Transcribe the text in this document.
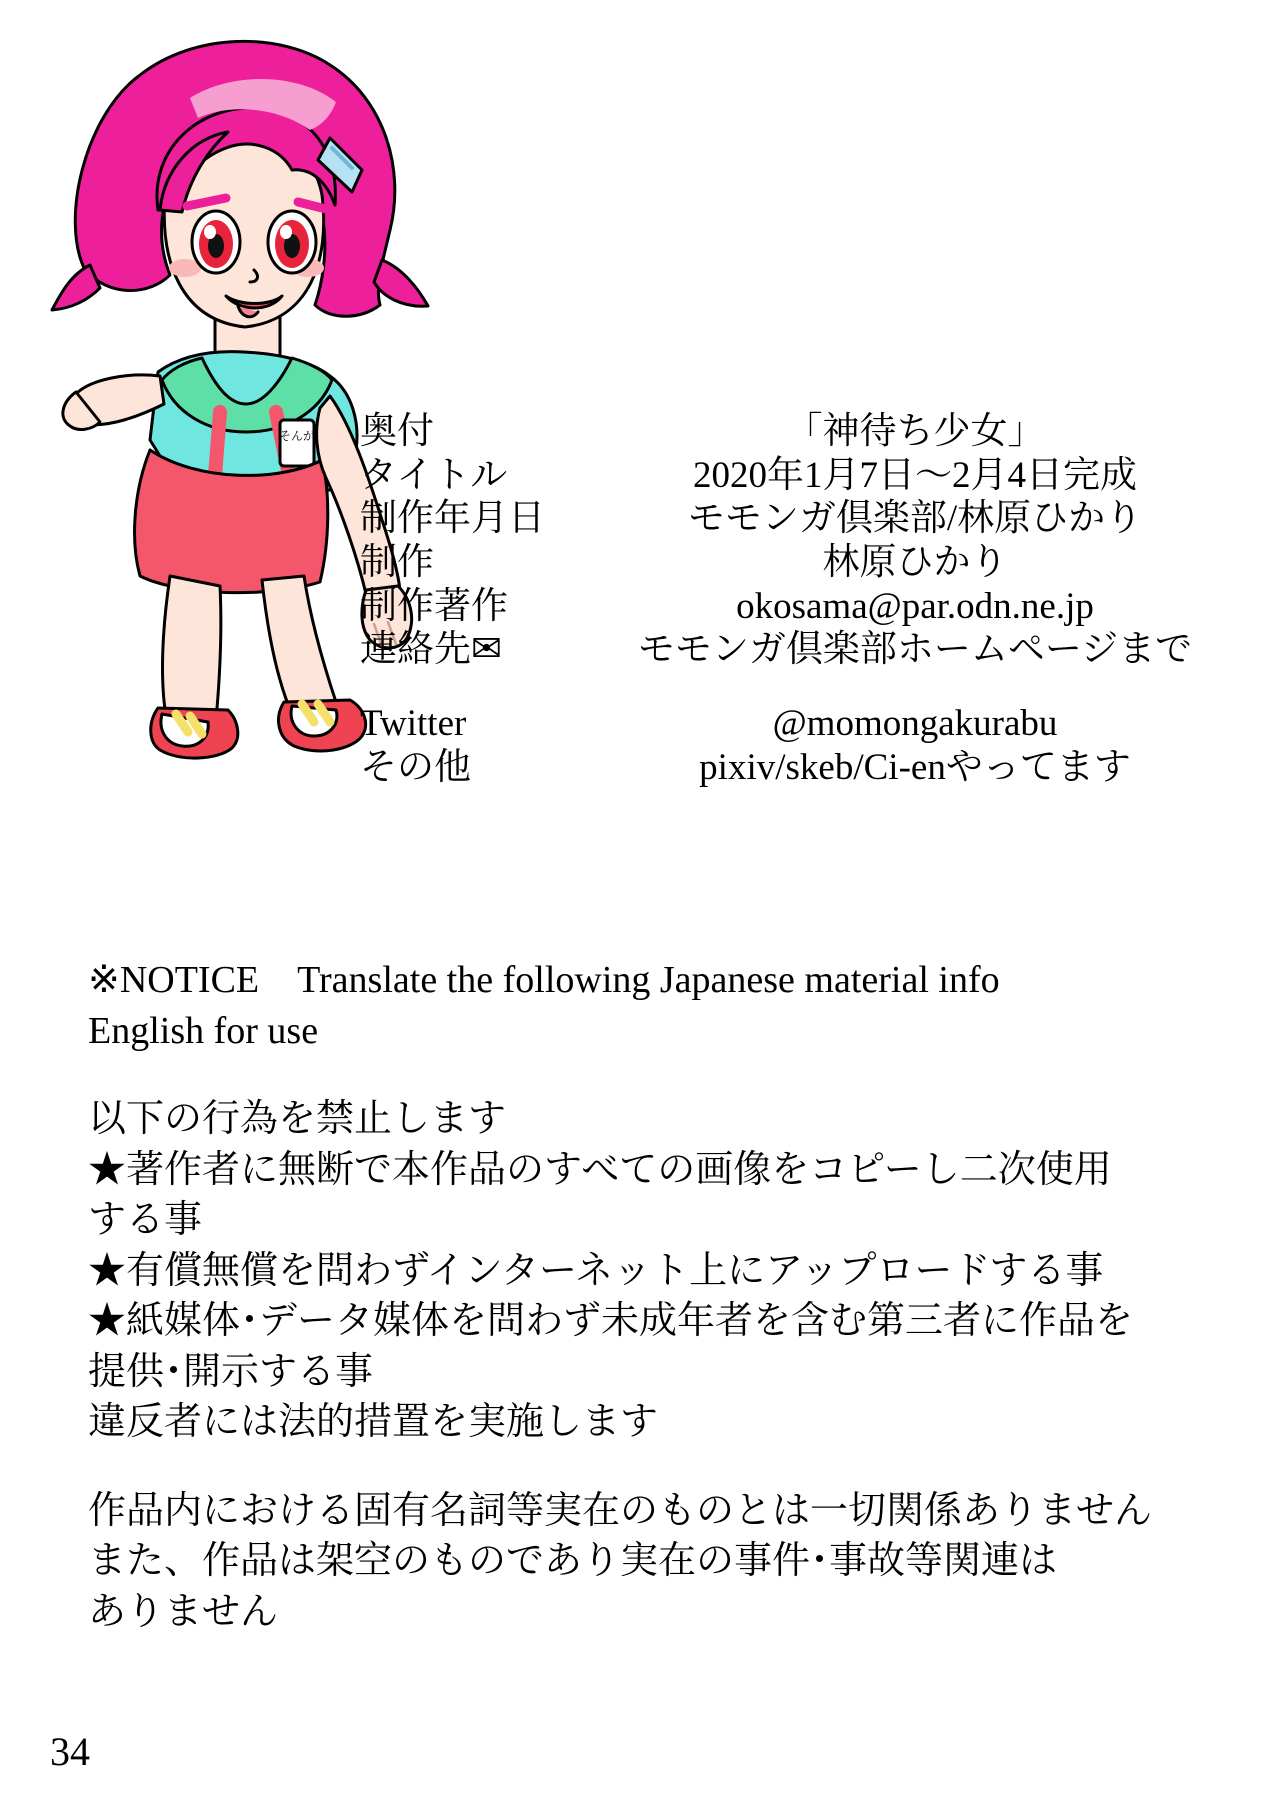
そんが 奥付	「神待ち少女」
タイトル	2020年1月7日～2月4日完成
制作年月日	モモンガ倶楽部/林原ひかり
制作	林原ひかり
制作著作	okosama@par.odn.ne.jp
連絡先✉	モモンガ倶楽部ホームページまで

Twitter	@momongakurabu
その他	pixiv/skeb/Ci-enやってます

※NOTICE　Translate the following Japanese material info

English for use

以下の行為を禁止します

★著作者に無断で本作品のすべての画像をコピーし二次使用

する事

★有償無償を問わずインターネット上にアップロードする事

★紙媒体･データ媒体を問わず未成年者を含む第三者に作品を

提供･開示する事

違反者には法的措置を実施します

作品内における固有名詞等実在のものとは一切関係ありません

また、作品は架空のものであり実在の事件･事故等関連は

ありません

34
